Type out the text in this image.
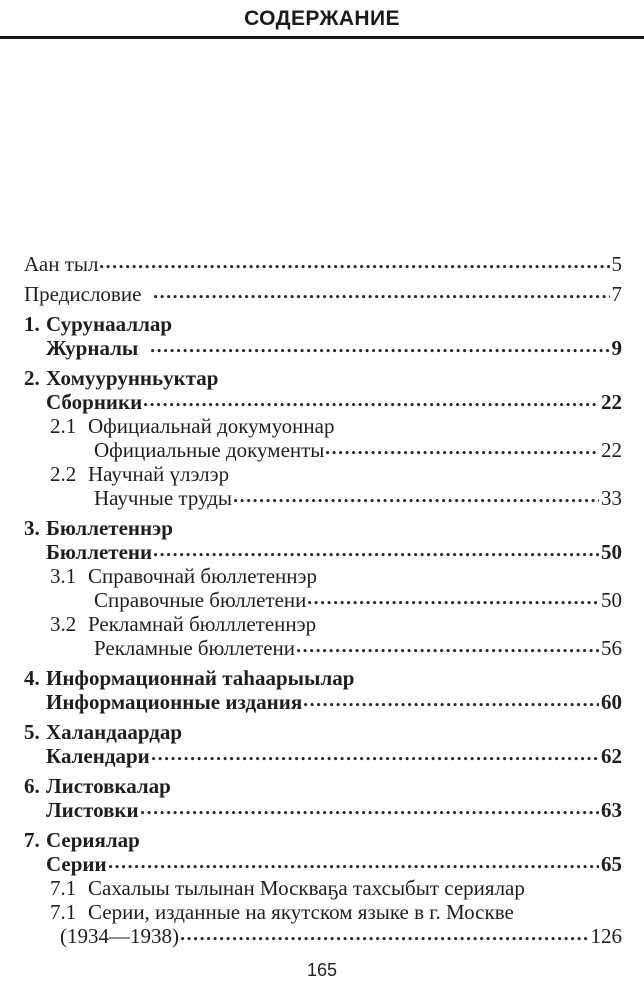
СОДЕРЖАНИЕ
Аан тыл	5
Предисловие	7
1. Сурунааллар
Журналы	9
2. Хомуурунньуктар
Сборники	22
2.1 Официальнай докумуоннар
Официальные документы	22
2.2 Научнай үлэлэр
Научные труды	33
3. Бюллетеннэр
Бюллетени	50
3.1 Справочнай бюллетеннэр
Справочные бюллетени	50
3.2 Рекламнай бюлллетеннэр
Рекламные бюллетени	56
4. Информационнай таһаарыылар
Информационные издания	60
5. Халандаардар
Календари	62
6. Листовкалар
Листовки	63
7. Сериялар
Серии	65
7.1 Сахалыы тылынан Москваҕа тахсыбыт сериялар
7.1 Серии, изданные на якутском языке в г. Москве
(1934—1938)	126
165
